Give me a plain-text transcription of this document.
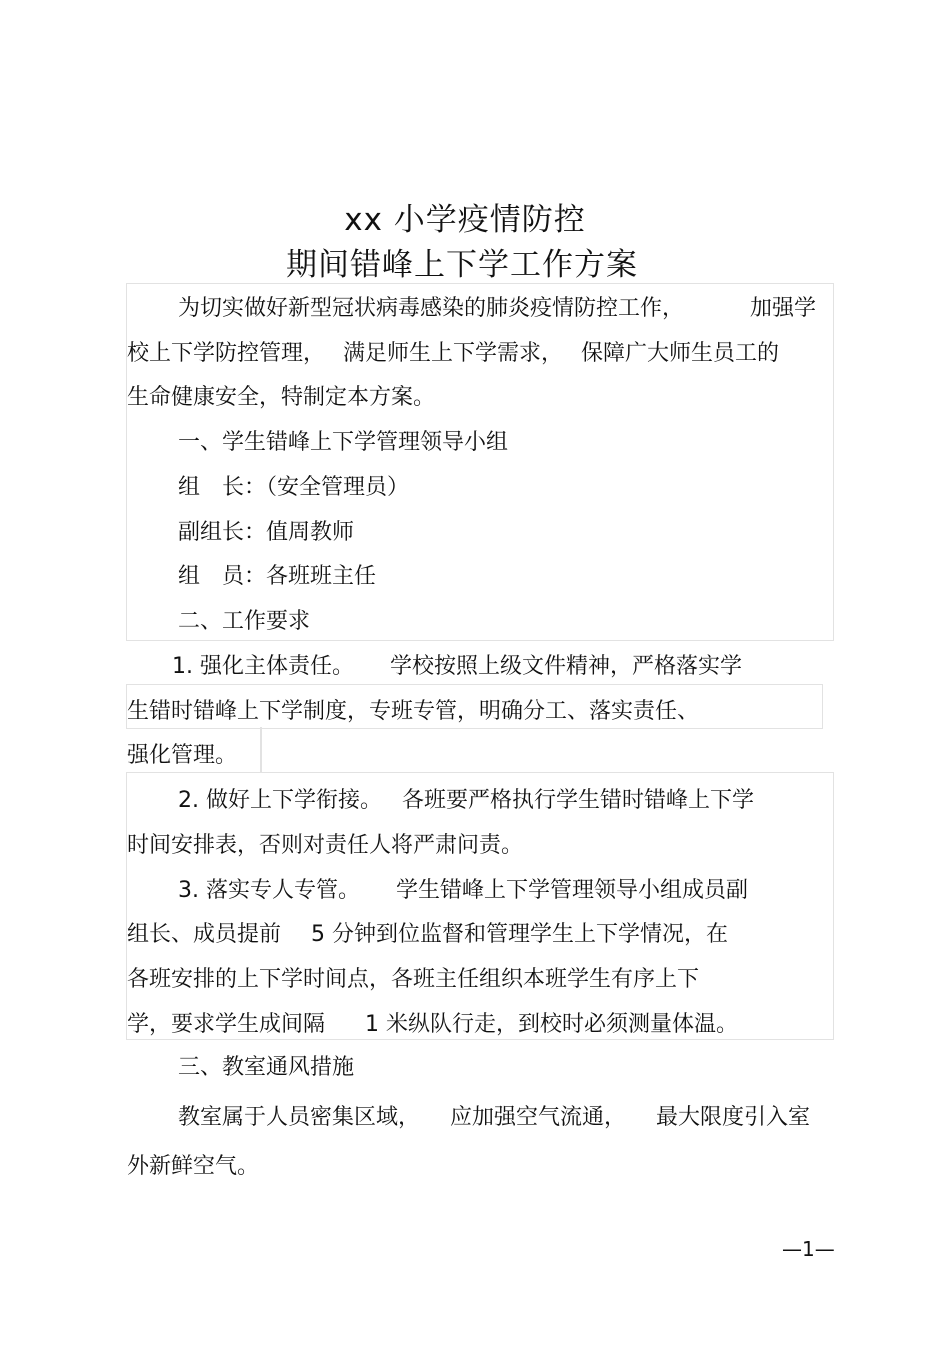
xx 小学疫情防控
期间错峰上下学工作方案
为切实做好新型冠状病毒感染的肺炎疫情防控工作，	加强学
校上下学防控管理， 满足师生上下学需求， 保障广大师生员工的
生命健康安全，特制定本方案。
一、学生错峰上下学管理领导小组
组　长：（安全管理员）
副组长：值周教师
组　员：各班班主任
二、工作要求
1. 强化主体责任。 学校按照上级文件精神，严格落实学
生错时错峰上下学制度，专班专管，明确分工、落实责任、
强化管理。
2. 做好上下学衔接。 各班要严格执行学生错时错峰上下学
时间安排表，否则对责任人将严肃问责。
3. 落实专人专管。 学生错峰上下学管理领导小组成员副
组长、成员提前 5 分钟到位监督和管理学生上下学情况，在
各班安排的上下学时间点，各班主任组织本班学生有序上下
学，要求学生成间隔 1 米纵队行走，到校时必须测量体温。
三、教室通风措施
教室属于人员密集区域， 应加强空气流通， 最大限度引入室
外新鲜空气。
—1—
